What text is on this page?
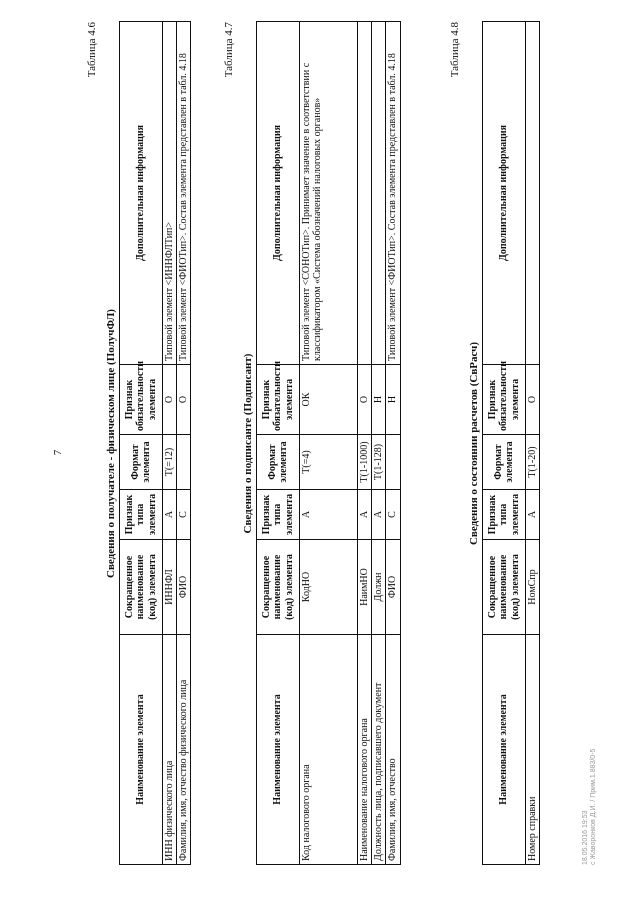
7
Таблица 4.6
Сведения о получателе - физическом лице (ПолучФЛ)
Наименование элемента	Сокращенное наименование (код) элемента	Признак типа элемента	Формат элемента	Признак обязательности элемента	Дополнительная информация
ИНН физического лица	ИННФЛ	А	T(=12)	О	Типовой элемент <ИННФЛТип>
Фамилия, имя, отчество физического лица	ФИО	С		О	Типовой элемент <ФИОТип>. Состав элемента представлен в табл. 4.18
Таблица 4.7
Сведения о подписанте (Подписант)
Наименование элемента	Сокращенное наименование (код) элемента	Признак типа элемента	Формат элемента	Признак обязательности элемента	Дополнительная информация
Код налогового органа	КодНО	А	T(=4)	ОК	Типовой элемент <СОНОТип>. Принимает значение в соответствии с классификатором «Система обозначений налоговых органов»
Наименование налогового органа	НаимНО	А	T(1-1000)	О	
Должность лица, подписавшего документ	Должн	А	T(1-128)	Н	
Фамилия, имя, отчество	ФИО	С		Н	Типовой элемент <ФИОТип>. Состав элемента представлен в табл. 4.18
Таблица 4.8
Сведения о состоянии расчетов (СвРасч)
Наименование элемента	Сокращенное наименование (код) элемента	Признак типа элемента	Формат элемента	Признак обязательности элемента	Дополнительная информация
Номер справки	НомСпр	А	T(1-20)	О	
18.05.2016 19:53 с Жаворонков Д.И. / Прим.1.883/0-5
